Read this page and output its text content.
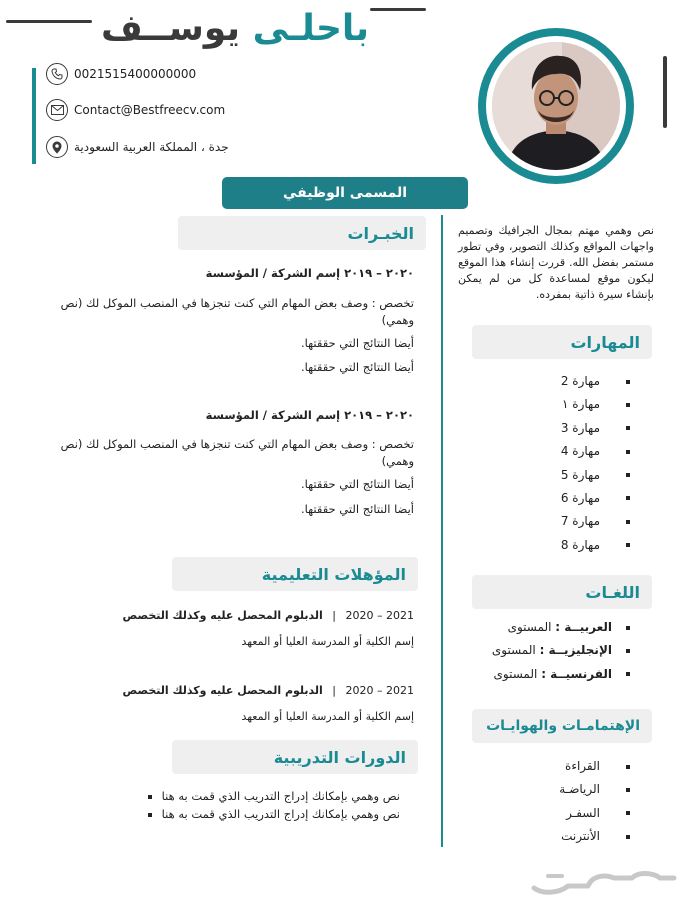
باحلـى يوســف
0021515400000000
Contact@Bestfreecv.com
جدة ، المملكة العربية السعودية
المسمى الوظيفي
نص وهمي مهتم بمجال الجرافيك وتصميم واجهات المواقع وكذلك التصوير، وفي تطور مستمر بفضل الله. قررت إنشاء هذا الموقع ليكون موقع لمساعدة كل من لم يمكن بإنشاء سيرة ذاتية بمفرده.
المهارات
مهارة 2
مهارة ١
مهارة 3
مهارة 4
مهارة 5
مهارة 6
مهارة 7
مهارة 8
اللغـات
العربيــة : المستوى
الإنجليزيــة : المستوى
الفرنسيــة : المستوى
الإهتمامـات والهوايـات
القراءة
الرياضـة
السفـر
الأنترنت
الخبـرات
٢٠٢٠ – ٢٠١٩ إسم الشركة / المؤسسة
تخصص : وصف بعض المهام التي كنت تنجزها في المنصب الموكل لك (نص وهمي)
أيضا النتائج التي حققتها.
أيضا النتائج التي حققتها.
٢٠٢٠ – ٢٠١٩ إسم الشركة / المؤسسة
تخصص : وصف بعض المهام التي كنت تنجزها في المنصب الموكل لك (نص وهمي)
أيضا النتائج التي حققتها.
أيضا النتائج التي حققتها.
المؤهلات التعليمية
2020 – 2021 | الدبلوم المحصل عليه وكذلك التخصص
إسم الكلية أو المدرسة العليا أو المعهد
2020 – 2021 | الدبلوم المحصل عليه وكذلك التخصص
إسم الكلية أو المدرسة العليا أو المعهد
الدورات التدريبية
نص وهمي بإمكانك إدراج التدريب الذي قمت به هنا
نص وهمي بإمكانك إدراج التدريب الذي قمت به هنا
